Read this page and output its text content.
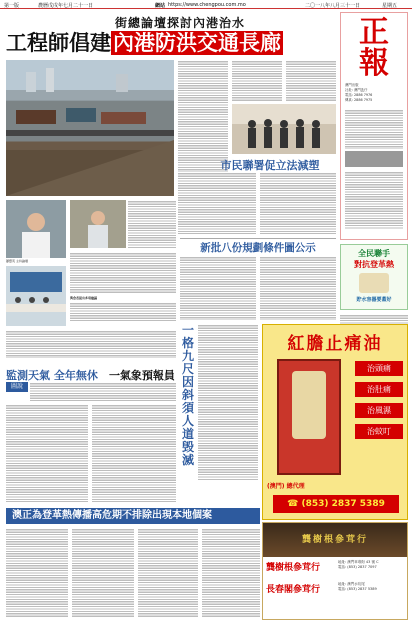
第一版	農曆戊戌年七月二十一日	網站 https://www.chengpou.com.mo	二〇一八年八月三十一日	星期五
街總論壇探討內港治水
工程師倡建內港防洪交通長廊
市民聯署促立法減塑
正報
澳門出版
社址: 澳門氹仔
電話: 2886 7976
傳真: 2886 7975
顏寶英 主持論壇
與會者提出多項建議
新批八份規劃條件圖公示	全民聯手
對抗登革熱
貯水容器要蓋好
一格九尺因斜須人道毁滅
監測天氣 全年無休 一氣象預報員
圖說
紅膽止痛油
治頭痛
治肚痛
治風濕
治蚊叮
(澳門) 總代理
☎ (853) 2837 5389
澳正為登革熱傳播高危期不排除出現本地個案
龔樹根參茸行
龔樹根參茸行
地址: 澳門草堆街 43 號 C
電話: (853) 2837 7097
長春閣參茸行
地址: 澳門水坑尾
電話: (853) 2837 5389
